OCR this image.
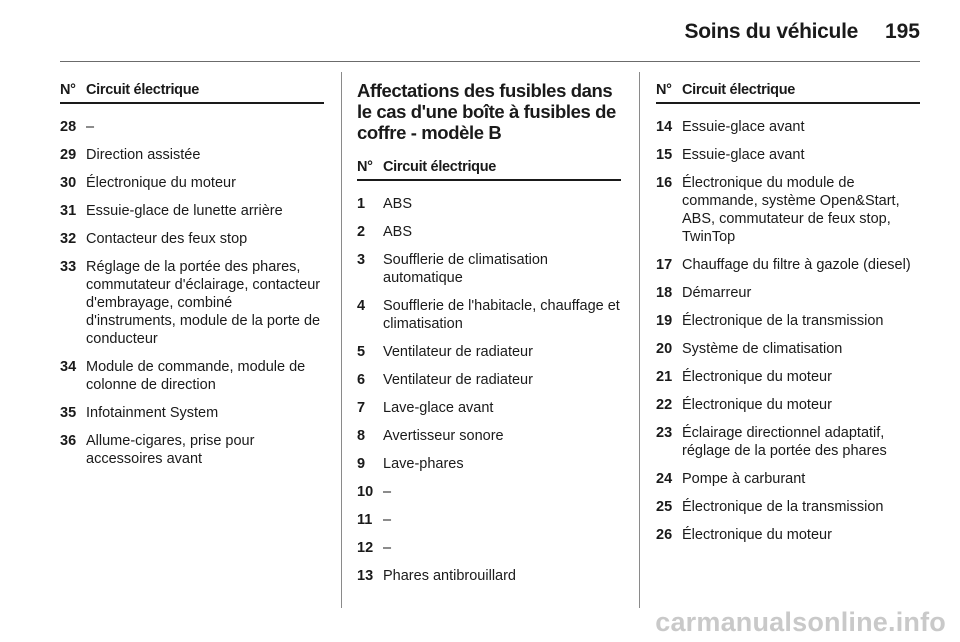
Soins du véhicule 195
N° Circuit électrique
28 –
29 Direction assistée
30 Électronique du moteur
31 Essuie-glace de lunette arrière
32 Contacteur des feux stop
33 Réglage de la portée des phares, commutateur d'éclairage, contacteur d'embrayage, combiné d'instruments, module de la porte de conducteur
34 Module de commande, module de colonne de direction
35 Infotainment System
36 Allume-cigares, prise pour accessoires avant
Affectations des fusibles dans le cas d'une boîte à fusibles de coffre - modèle B
N° Circuit électrique
1	ABS
2	ABS
3	Soufflerie de climatisation automatique
4	Soufflerie de l'habitacle, chauffage et climatisation
5	Ventilateur de radiateur
6	Ventilateur de radiateur
7	Lave-glace avant
8	Avertisseur sonore
9	Lave-phares
10 –
11 –
12 –
13 Phares antibrouillard
N° Circuit électrique
14 Essuie-glace avant
15 Essuie-glace avant
16 Électronique du module de commande, système Open&Start, ABS, commutateur de feux stop, TwinTop
17 Chauffage du filtre à gazole (diesel)
18 Démarreur
19 Électronique de la transmission
20 Système de climatisation
21 Électronique du moteur
22 Électronique du moteur
23 Éclairage directionnel adaptatif, réglage de la portée des phares
24 Pompe à carburant
25 Électronique de la transmission
26 Électronique du moteur
carmanualsonline.info
